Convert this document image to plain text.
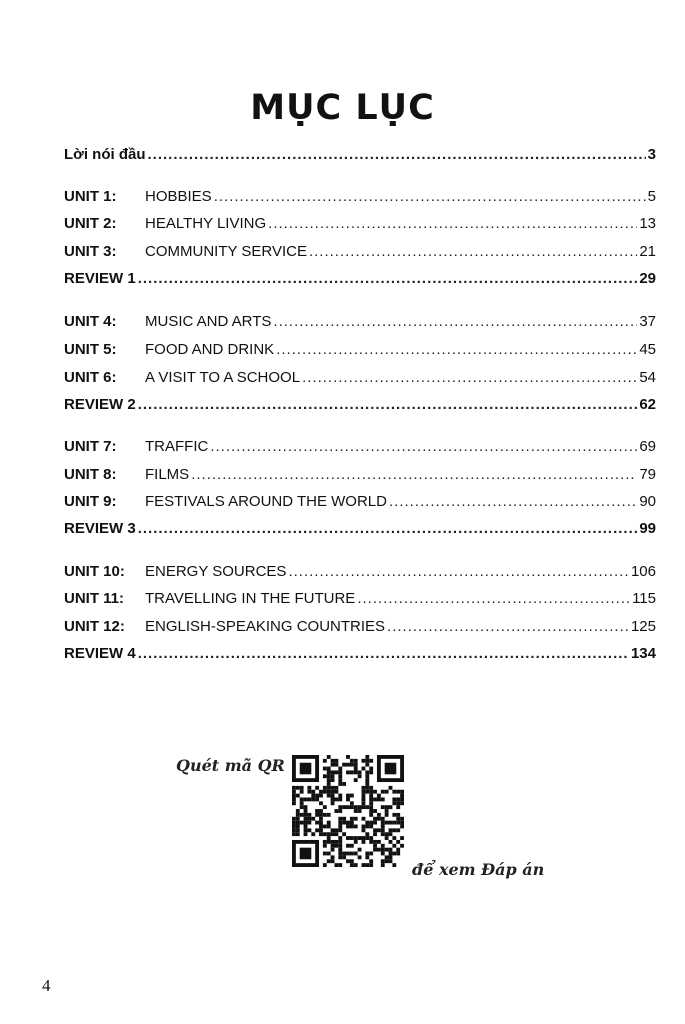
MỤC LỤC
Lời nói đầu .....	3
UNIT 1:	HOBBIES .....	5
UNIT 2:	HEALTHY LIVING .....	13
UNIT 3:	COMMUNITY SERVICE .....	21
REVIEW 1 .....	29
UNIT 4:	MUSIC AND ARTS .....	37
UNIT 5:	FOOD AND DRINK .....	45
UNIT 6:	A VISIT TO A SCHOOL .....	54
REVIEW 2 .....	62
UNIT 7:	TRAFFIC .....	69
UNIT 8:	FILMS .....	79
UNIT 9:	FESTIVALS AROUND THE WORLD .....	90
REVIEW 3 .....	99
UNIT 10:	ENERGY SOURCES .....	106
UNIT 11:	TRAVELLING IN THE FUTURE .....	115
UNIT 12:	ENGLISH-SPEAKING COUNTRIES .....	125
REVIEW 4 .....	134
Quét mã QR
để xem Đáp án
4
